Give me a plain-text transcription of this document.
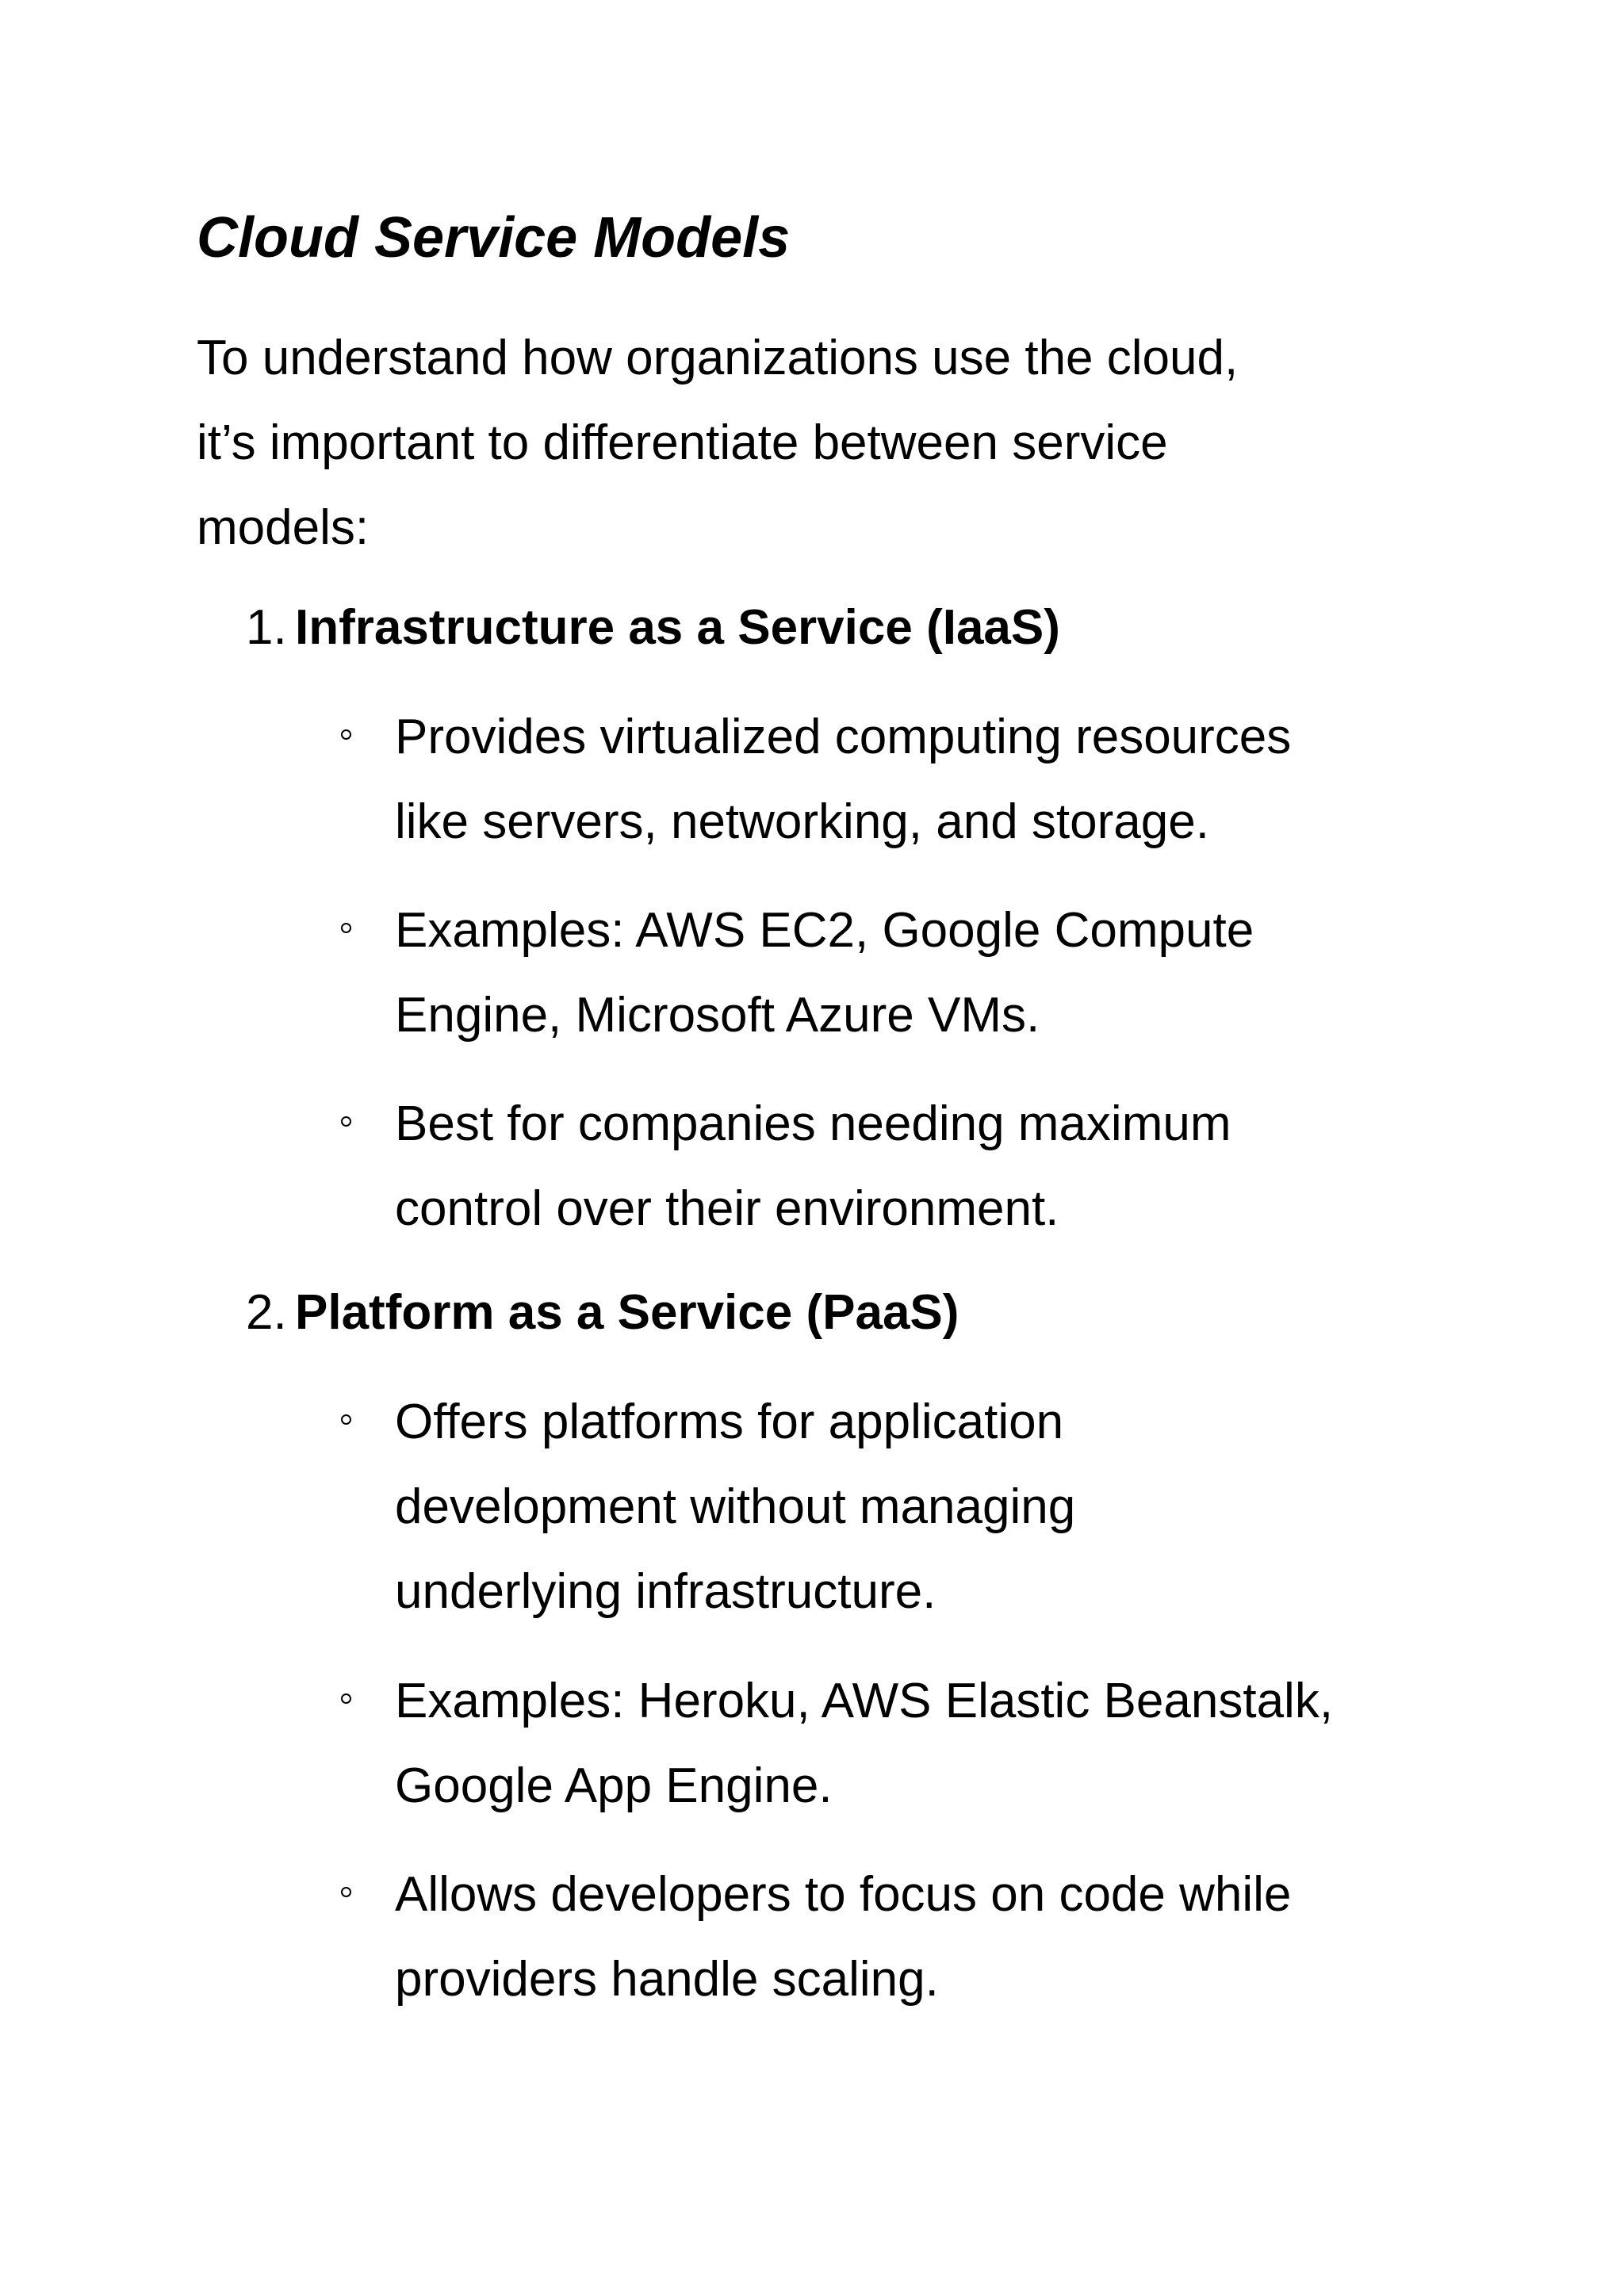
Cloud Service Models

To understand how organizations use the cloud,
it’s important to differentiate between service
models:

1. Infrastructure as a Service (IaaS)
Provides virtualized computing resources
like servers, networking, and storage.
Examples: AWS EC2, Google Compute
Engine, Microsoft Azure VMs.
Best for companies needing maximum
control over their environment.
2. Platform as a Service (PaaS)
Offers platforms for application
development without managing
underlying infrastructure.
Examples: Heroku, AWS Elastic Beanstalk,
Google App Engine.
Allows developers to focus on code while
providers handle scaling.
